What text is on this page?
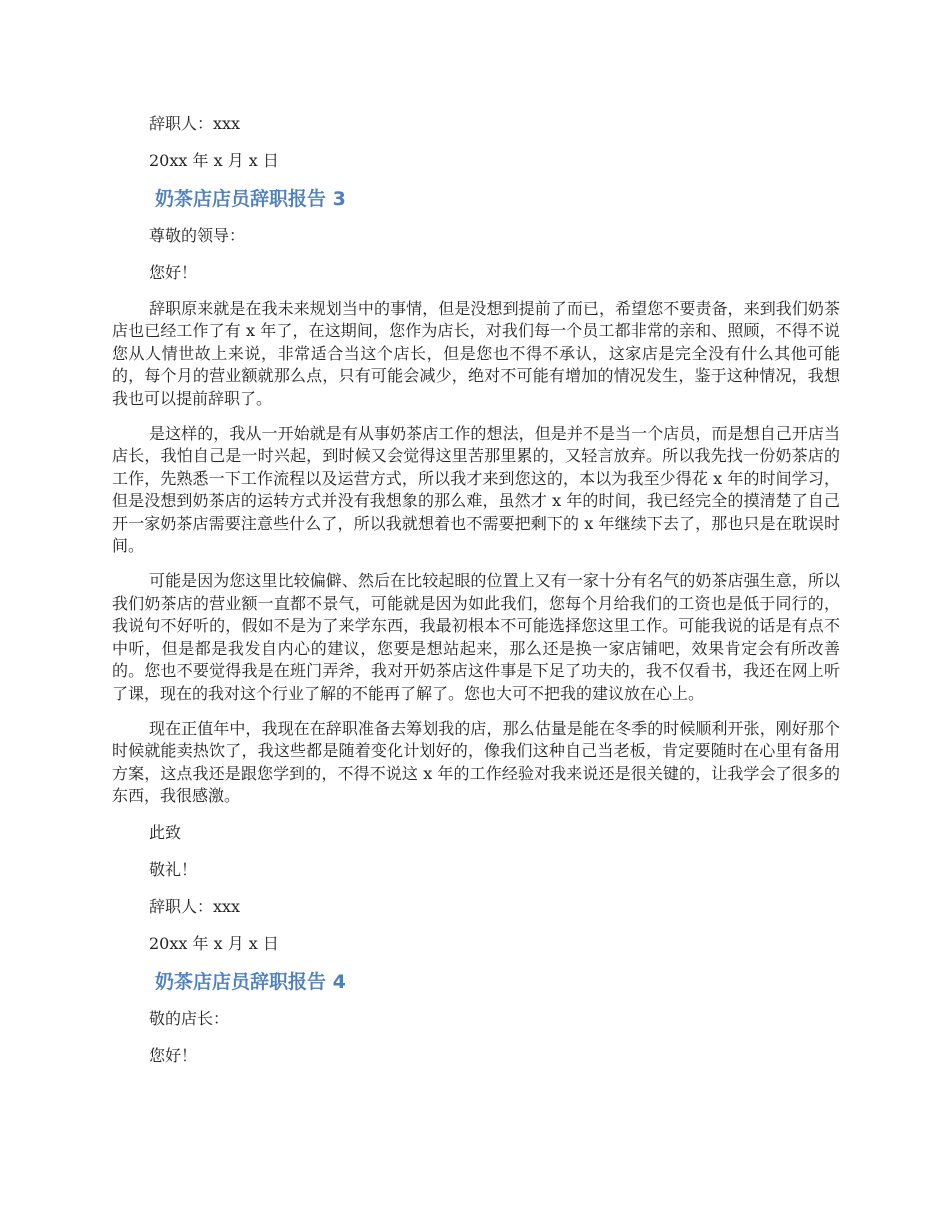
辞职人：xxx
20xx 年 x 月 x 日
奶茶店店员辞职报告 3
尊敬的领导：
您好！

辞职原来就是在我未来规划当中的事情，但是没想到提前了而已，希望您不要责备，来到我们奶茶店也已经工作了有 x 年了，在这期间，您作为店长，对我们每一个员工都非常的亲和、照顾，不得不说您从人情世故上来说，非常适合当这个店长，但是您也不得不承认，这家店是完全没有什么其他可能的，每个月的营业额就那么点，只有可能会减少，绝对不可能有增加的情况发生，鉴于这种情况，我想我也可以提前辞职了。

是这样的，我从一开始就是有从事奶茶店工作的想法，但是并不是当一个店员，而是想自己开店当店长，我怕自己是一时兴起，到时候又会觉得这里苦那里累的，又轻言放弃。所以我先找一份奶茶店的工作，先熟悉一下工作流程以及运营方式，所以我才来到您这的，本以为我至少得花 x 年的时间学习，但是没想到奶茶店的运转方式并没有我想象的那么难，虽然才 x 年的时间，我已经完全的摸清楚了自己开一家奶茶店需要注意些什么了，所以我就想着也不需要把剩下的 x 年继续下去了，那也只是在耽误时间。

可能是因为您这里比较偏僻、然后在比较起眼的位置上又有一家十分有名气的奶茶店强生意，所以我们奶茶店的营业额一直都不景气，可能就是因为如此我们，您每个月给我们的工资也是低于同行的，我说句不好听的，假如不是为了来学东西，我最初根本不可能选择您这里工作。可能我说的话是有点不中听，但是都是我发自内心的建议，您要是想站起来，那么还是换一家店铺吧，效果肯定会有所改善的。您也不要觉得我是在班门弄斧，我对开奶茶店这件事是下足了功夫的，我不仅看书，我还在网上听了课，现在的我对这个行业了解的不能再了解了。您也大可不把我的建议放在心上。

现在正值年中，我现在在辞职准备去筹划我的店，那么估量是能在冬季的时候顺利开张，刚好那个时候就能卖热饮了，我这些都是随着变化计划好的，像我们这种自己当老板，肯定要随时在心里有备用方案，这点我还是跟您学到的，不得不说这 x 年的工作经验对我来说还是很关键的，让我学会了很多的东西，我很感激。

此致
敬礼！
辞职人：xxx
20xx 年 x 月 x 日
奶茶店店员辞职报告 4
敬的店长：
您好！
